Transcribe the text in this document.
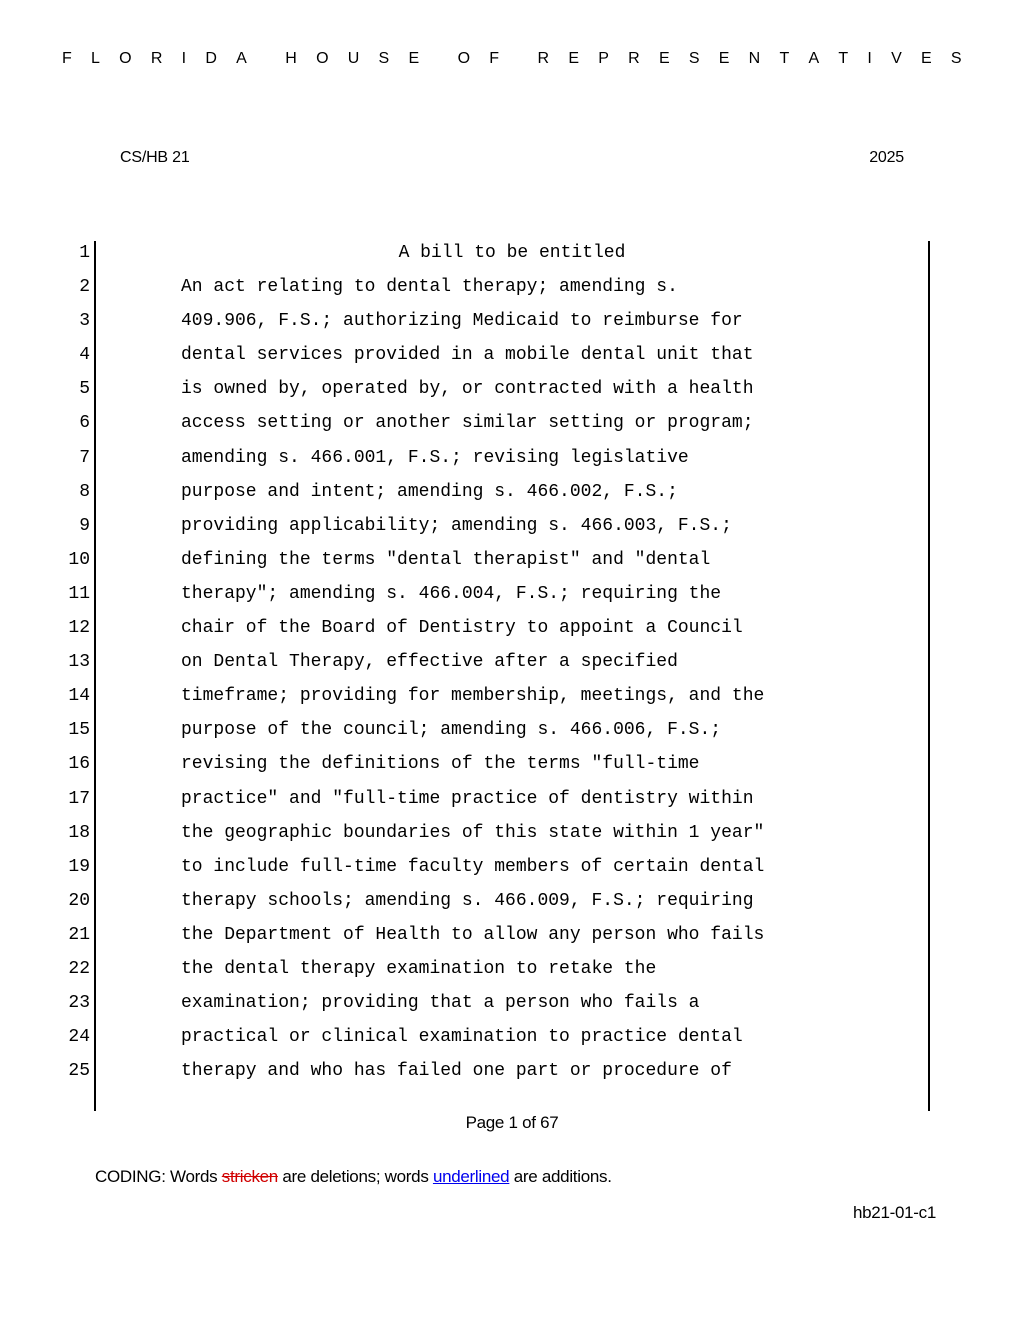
F L O R I D A H O U S E O F R E P R E S E N T A T I V E S
CS/HB 21	2025
1	A bill to be entitled
2	An act relating to dental therapy; amending s.
3	409.906, F.S.; authorizing Medicaid to reimburse for
4	dental services provided in a mobile dental unit that
5	is owned by, operated by, or contracted with a health
6	access setting or another similar setting or program;
7	amending s. 466.001, F.S.; revising legislative
8	purpose and intent; amending s. 466.002, F.S.;
9	providing applicability; amending s. 466.003, F.S.;
10	defining the terms "dental therapist" and "dental
11	therapy"; amending s. 466.004, F.S.; requiring the
12	chair of the Board of Dentistry to appoint a Council
13	on Dental Therapy, effective after a specified
14	timeframe; providing for membership, meetings, and the
15	purpose of the council; amending s. 466.006, F.S.;
16	revising the definitions of the terms "full-time
17	practice" and "full-time practice of dentistry within
18	the geographic boundaries of this state within 1 year"
19	to include full-time faculty members of certain dental
20	therapy schools; amending s. 466.009, F.S.; requiring
21	the Department of Health to allow any person who fails
22	the dental therapy examination to retake the
23	examination; providing that a person who fails a
24	practical or clinical examination to practice dental
25	therapy and who has failed one part or procedure of
Page 1 of 67
CODING: Words stricken are deletions; words underlined are additions.
hb21-01-c1
